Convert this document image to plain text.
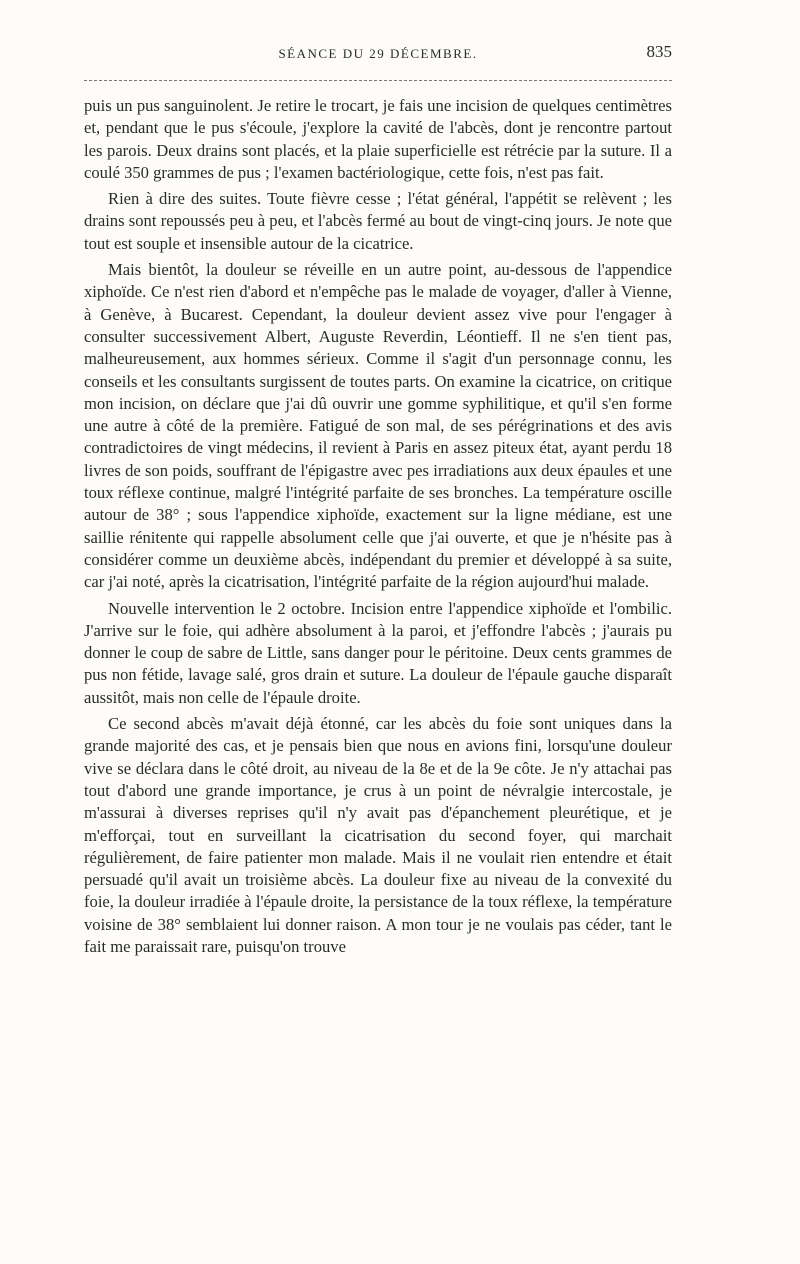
SÉANCE DU 29 DÉCEMBRE.	835

puis un pus sanguinolent. Je retire le trocart, je fais une incision de quelques centimètres et, pendant que le pus s'écoule, j'explore la cavité de l'abcès, dont je rencontre partout les parois. Deux drains sont placés, et la plaie superficielle est rétrécie par la suture. Il a coulé 350 grammes de pus ; l'examen bactériologique, cette fois, n'est pas fait.

Rien à dire des suites. Toute fièvre cesse ; l'état général, l'appétit se relèvent ; les drains sont repoussés peu à peu, et l'abcès fermé au bout de vingt-cinq jours. Je note que tout est souple et insensible autour de la cicatrice.

Mais bientôt, la douleur se réveille en un autre point, au-dessous de l'appendice xiphoïde. Ce n'est rien d'abord et n'empêche pas le malade de voyager, d'aller à Vienne, à Genève, à Bucarest. Cependant, la douleur devient assez vive pour l'engager à consulter successivement Albert, Auguste Reverdin, Léontieff. Il ne s'en tient pas, malheureusement, aux hommes sérieux. Comme il s'agit d'un personnage connu, les conseils et les consultants surgissent de toutes parts. On examine la cicatrice, on critique mon incision, on déclare que j'ai dû ouvrir une gomme syphilitique, et qu'il s'en forme une autre à côté de la première. Fatigué de son mal, de ses pérégrinations et des avis contradictoires de vingt médecins, il revient à Paris en assez piteux état, ayant perdu 18 livres de son poids, souffrant de l'épigastre avec pes irradiations aux deux épaules et une toux réflexe continue, malgré l'intégrité parfaite de ses bronches. La température oscille autour de 38° ; sous l'appendice xiphoïde, exactement sur la ligne médiane, est une saillie rénitente qui rappelle absolument celle que j'ai ouverte, et que je n'hésite pas à considérer comme un deuxième abcès, indépendant du premier et développé à sa suite, car j'ai noté, après la cicatrisation, l'intégrité parfaite de la région aujourd'hui malade.

Nouvelle intervention le 2 octobre. Incision entre l'appendice xiphoïde et l'ombilic. J'arrive sur le foie, qui adhère absolument à la paroi, et j'effondre l'abcès ; j'aurais pu donner le coup de sabre de Little, sans danger pour le péritoine. Deux cents grammes de pus non fétide, lavage salé, gros drain et suture. La douleur de l'épaule gauche disparaît aussitôt, mais non celle de l'épaule droite.

Ce second abcès m'avait déjà étonné, car les abcès du foie sont uniques dans la grande majorité des cas, et je pensais bien que nous en avions fini, lorsqu'une douleur vive se déclara dans le côté droit, au niveau de la 8e et de la 9e côte. Je n'y attachai pas tout d'abord une grande importance, je crus à un point de névralgie intercostale, je m'assurai à diverses reprises qu'il n'y avait pas d'épanchement pleurétique, et je m'efforçai, tout en surveillant la cicatrisation du second foyer, qui marchait régulièrement, de faire patienter mon malade. Mais il ne voulait rien entendre et était persuadé qu'il avait un troisième abcès. La douleur fixe au niveau de la convexité du foie, la douleur irradiée à l'épaule droite, la persistance de la toux réflexe, la température voisine de 38° semblaient lui donner raison. A mon tour je ne voulais pas céder, tant le fait me paraissait rare, puisqu'on trouve
